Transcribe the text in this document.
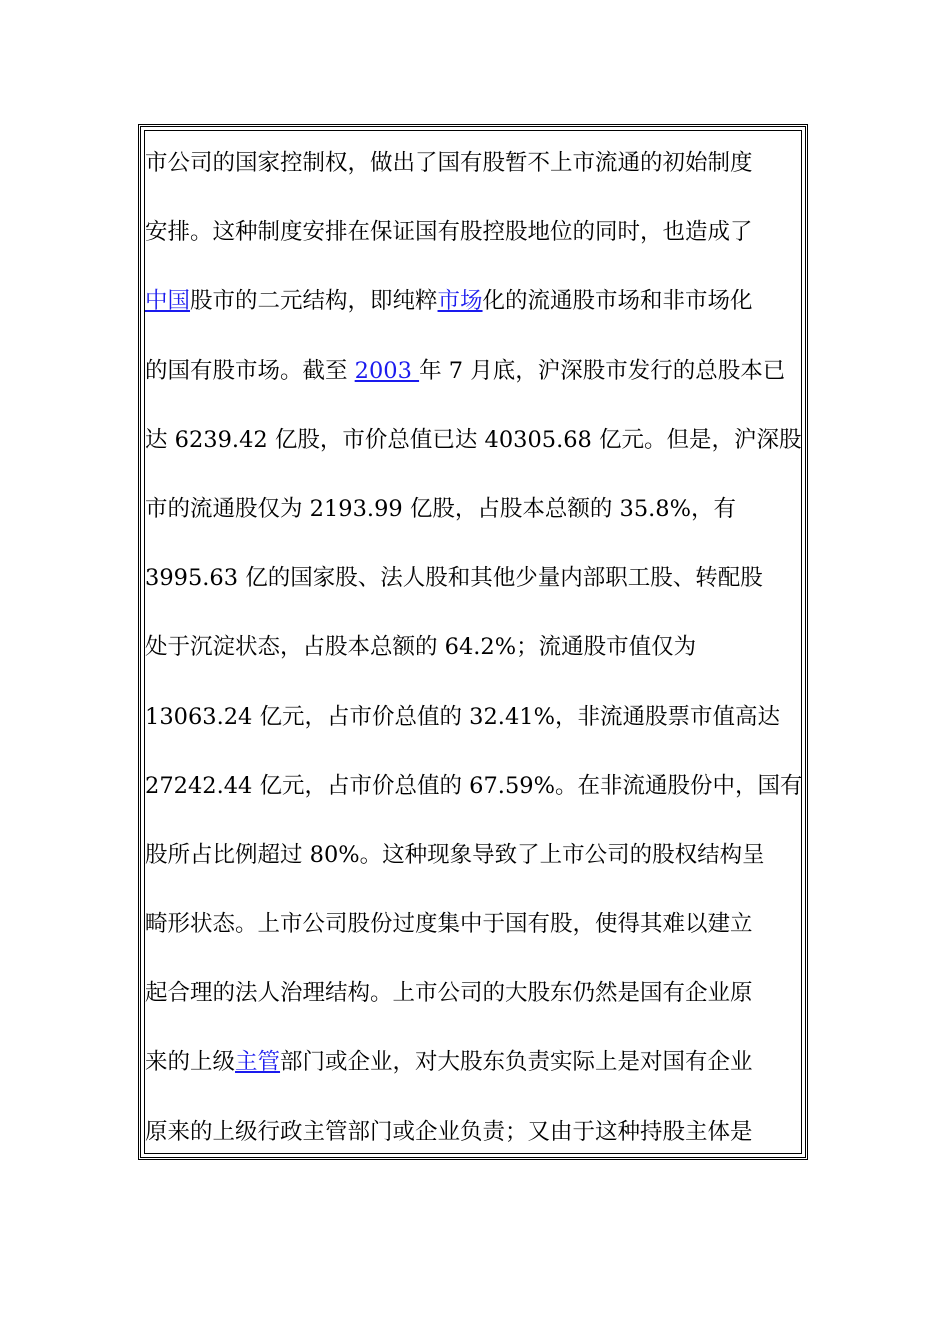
市公司的国家控制权，做出了国有股暂不上市流通的初始制度
安排。这种制度安排在保证国有股控股地位的同时，也造成了
中国股市的二元结构，即纯粹市场化的流通股市场和非市场化
的国有股市场。截至 2003 年 7 月底，沪深股市发行的总股本已
达 6239.42 亿股，市价总值已达 40305.68 亿元。但是，沪深股
市的流通股仅为 2193.99 亿股，占股本总额的 35.8%，有
3995.63 亿的国家股、法人股和其他少量内部职工股、转配股
处于沉淀状态，占股本总额的 64.2%；流通股市值仅为
13063.24 亿元，占市价总值的 32.41%，非流通股票市值高达
27242.44 亿元，占市价总值的 67.59%。在非流通股份中，国有
股所占比例超过 80%。这种现象导致了上市公司的股权结构呈
畸形状态。上市公司股份过度集中于国有股，使得其难以建立
起合理的法人治理结构。上市公司的大股东仍然是国有企业原
来的上级主管部门或企业，对大股东负责实际上是对国有企业
原来的上级行政主管部门或企业负责；又由于这种持股主体是
